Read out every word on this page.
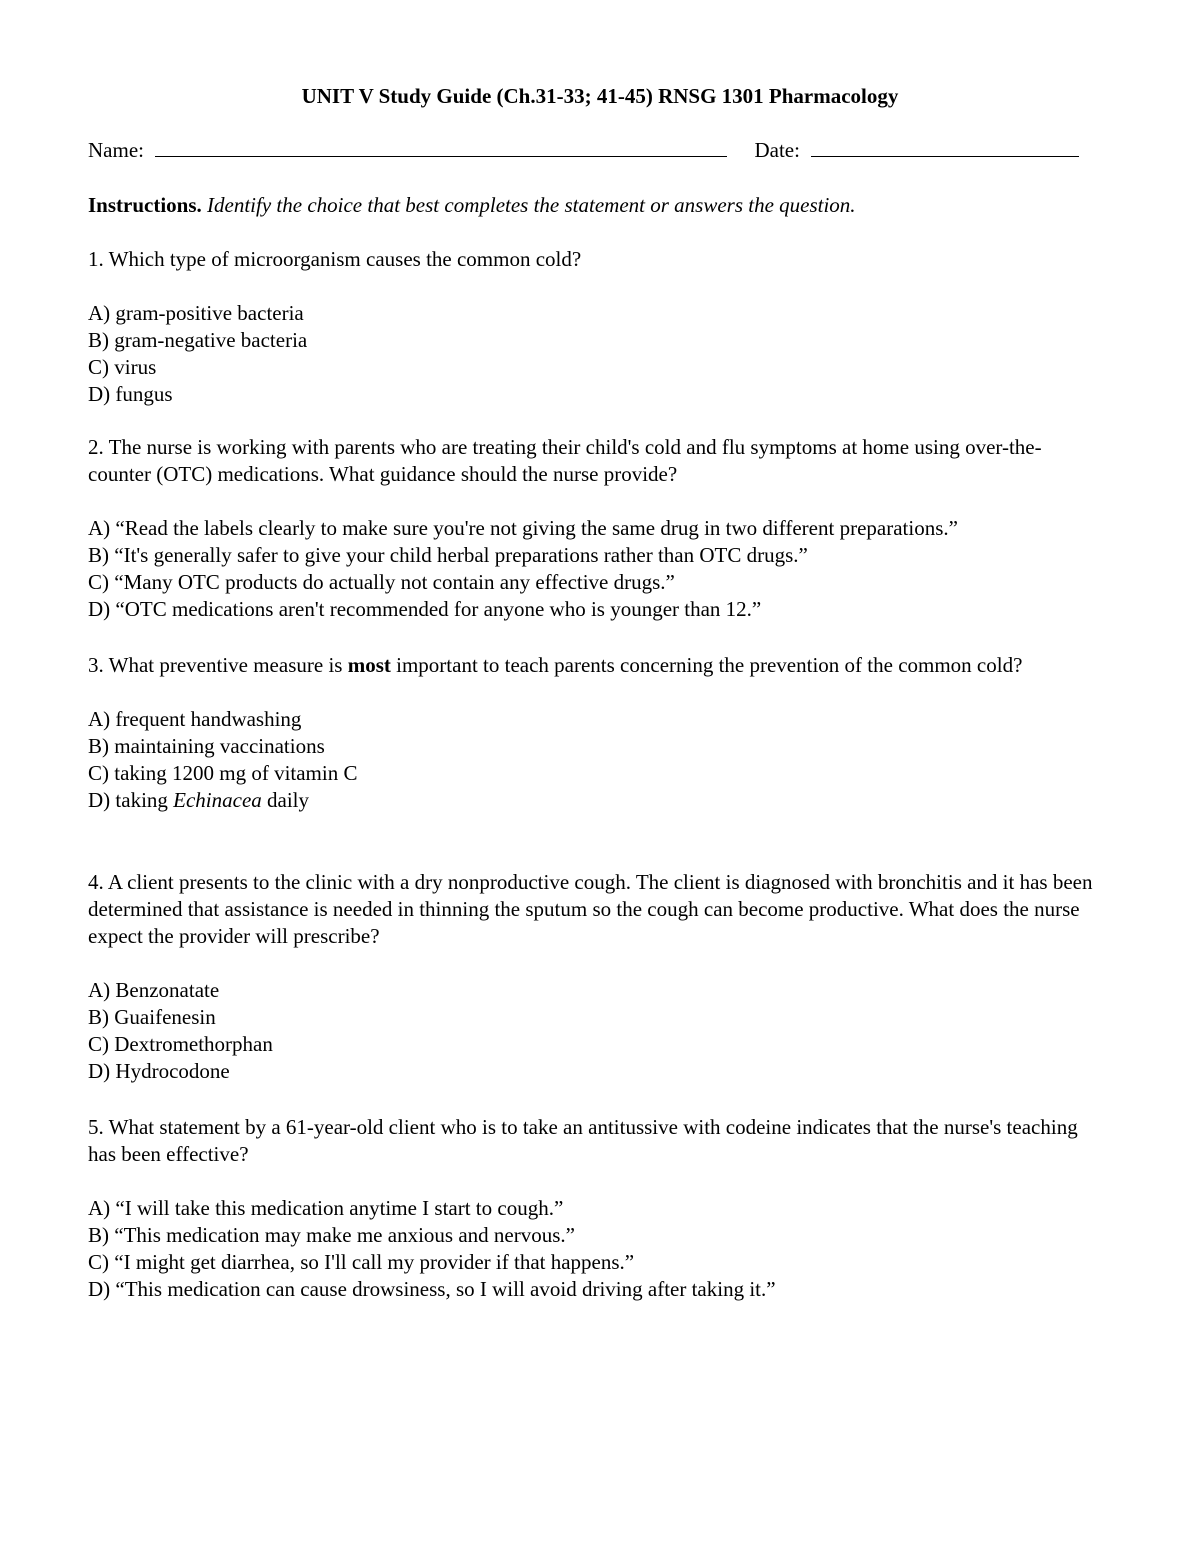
UNIT V Study Guide (Ch.31-33; 41-45) RNSG 1301 Pharmacology
Name:	Date:
Instructions. Identify the choice that best completes the statement or answers the question.

1. Which type of microorganism causes the common cold?

A) gram-positive bacteria
B) gram-negative bacteria
C) virus
D) fungus

2. The nurse is working with parents who are treating their child's cold and flu symptoms at home using over-the-counter (OTC) medications. What guidance should the nurse provide?

A) “Read the labels clearly to make sure you're not giving the same drug in two different preparations.”
B) “It's generally safer to give your child herbal preparations rather than OTC drugs.”
C) “Many OTC products do actually not contain any effective drugs.”
D) “OTC medications aren't recommended for anyone who is younger than 12.”

3. What preventive measure is most important to teach parents concerning the prevention of the common cold?

A) frequent handwashing
B) maintaining vaccinations
C) taking 1200 mg of vitamin C
D) taking Echinacea daily

4. A client presents to the clinic with a dry nonproductive cough. The client is diagnosed with bronchitis and it has been determined that assistance is needed in thinning the sputum so the cough can become productive. What does the nurse expect the provider will prescribe?

A) Benzonatate
B) Guaifenesin
C) Dextromethorphan
D) Hydrocodone

5. What statement by a 61-year-old client who is to take an antitussive with codeine indicates that the nurse's teaching has been effective?

A) “I will take this medication anytime I start to cough.”
B) “This medication may make me anxious and nervous.”
C) “I might get diarrhea, so I'll call my provider if that happens.”
D) “This medication can cause drowsiness, so I will avoid driving after taking it.”
